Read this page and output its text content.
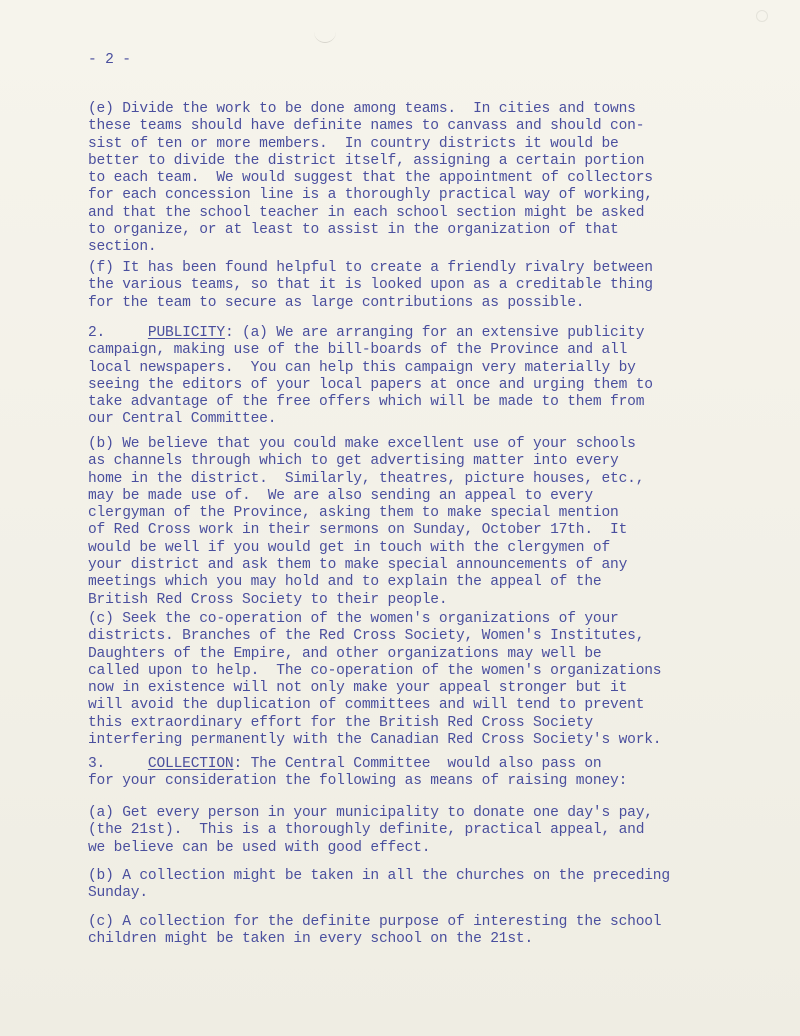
- 2 -
(e) Divide the work to be done among teams.  In cities and towns
these teams should have definite names to canvass and should con-
sist of ten or more members.  In country districts it would be
better to divide the district itself, assigning a certain portion
to each team.  We would suggest that the appointment of collectors
for each concession line is a thoroughly practical way of working,
and that the school teacher in each school section might be asked
to organize, or at least to assist in the organization of that
section.
(f) It has been found helpful to create a friendly rivalry between
the various teams, so that it is looked upon as a creditable thing
for the team to secure as large contributions as possible.
2.     PUBLICITY: (a) We are arranging for an extensive publicity
campaign, making use of the bill-boards of the Province and all
local newspapers.  You can help this campaign very materially by
seeing the editors of your local papers at once and urging them to
take advantage of the free offers which will be made to them from
our Central Committee.
(b) We believe that you could make excellent use of your schools
as channels through which to get advertising matter into every
home in the district.  Similarly, theatres, picture houses, etc.,
may be made use of.  We are also sending an appeal to every
clergyman of the Province, asking them to make special mention
of Red Cross work in their sermons on Sunday, October 17th.  It
would be well if you would get in touch with the clergymen of
your district and ask them to make special announcements of any
meetings which you may hold and to explain the appeal of the
British Red Cross Society to their people.
(c) Seek the co-operation of the women's organizations of your
districts. Branches of the Red Cross Society, Women's Institutes,
Daughters of the Empire, and other organizations may well be
called upon to help.  The co-operation of the women's organizations
now in existence will not only make your appeal stronger but it
will avoid the duplication of committees and will tend to prevent
this extraordinary effort for the British Red Cross Society
interfering permanently with the Canadian Red Cross Society's work.
3.     COLLECTION: The Central Committee  would also pass on
for your consideration the following as means of raising money:
(a) Get every person in your municipality to donate one day's pay,
(the 21st).  This is a thoroughly definite, practical appeal, and
we believe can be used with good effect.
(b) A collection might be taken in all the churches on the preceding
Sunday.
(c) A collection for the definite purpose of interesting the school
children might be taken in every school on the 21st.
